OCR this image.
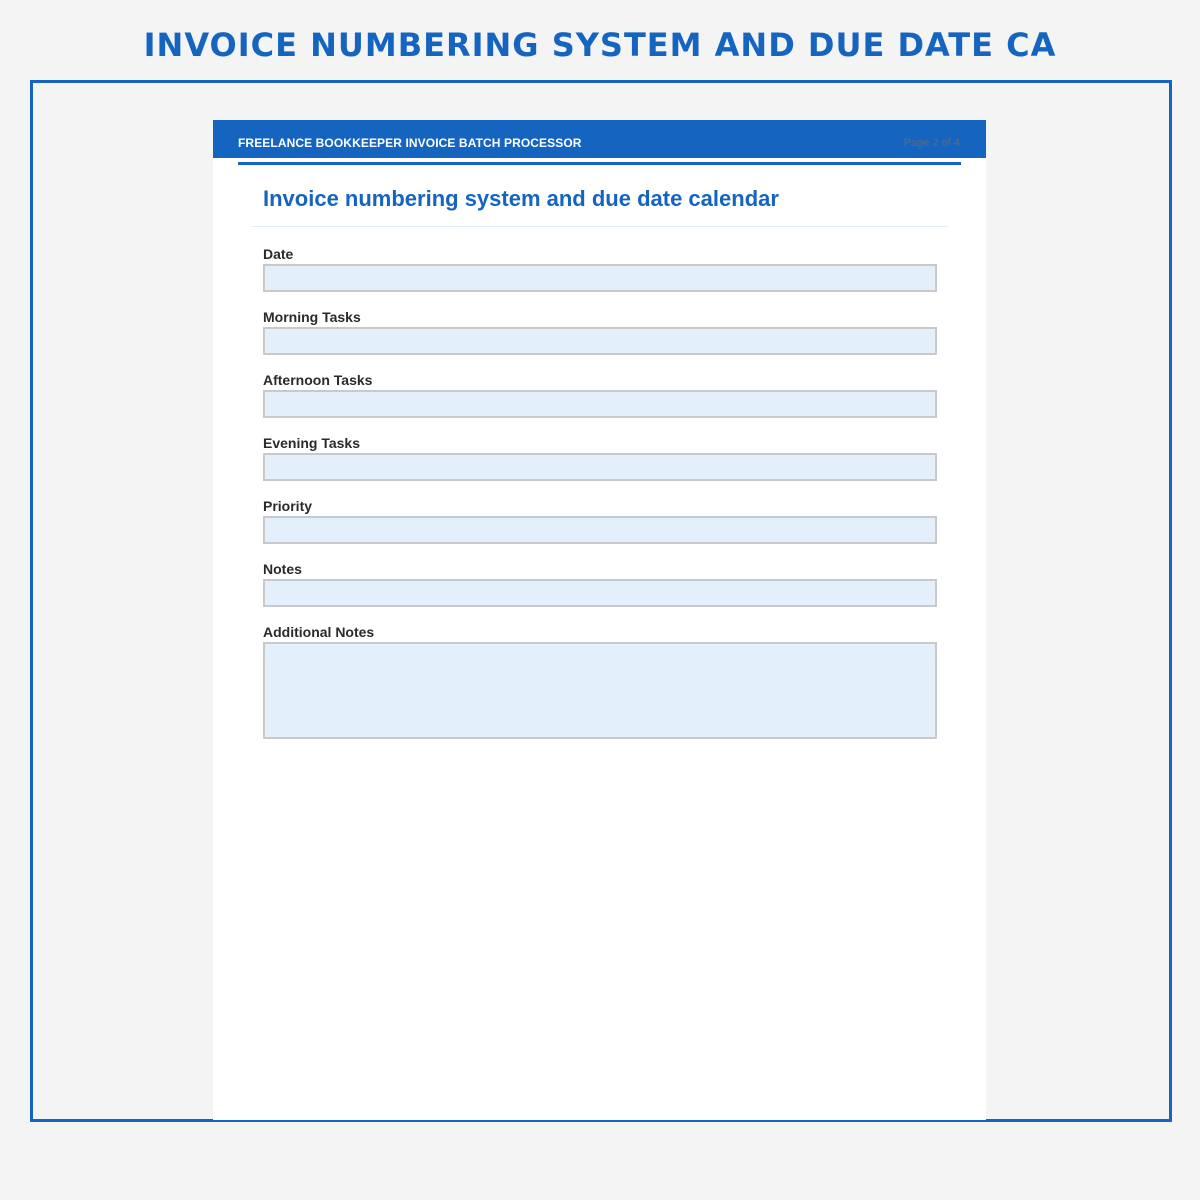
INVOICE NUMBERING SYSTEM AND DUE DATE CA
FREELANCE BOOKKEEPER INVOICE BATCH PROCESSOR	Page 2 of 4
Invoice numbering system and due date calendar
Date
Morning Tasks
Afternoon Tasks
Evening Tasks
Priority
Notes
Additional Notes
